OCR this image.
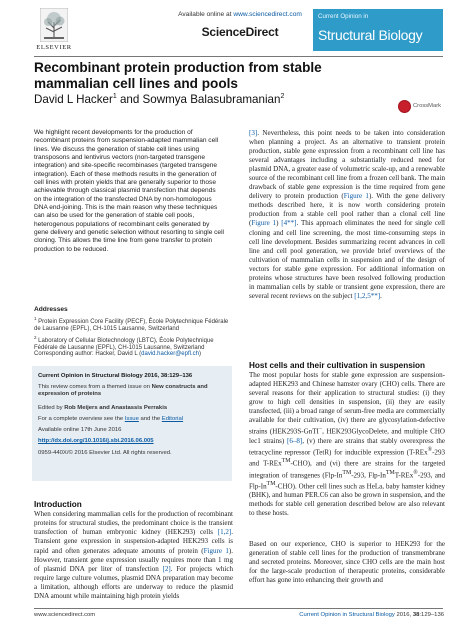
ELSEVIER
Available online at www.sciencedirect.com
ScienceDirect
Current Opinion in
Structural Biology
Recombinant protein production from stable mammalian cell lines and pools
David L Hacker$^1$ and Sowmya Balasubramanian$^2$
CrossMark
We highlight recent developments for the production of recombinant proteins from suspension-adapted mammalian cell lines. We discuss the generation of stable cell lines using transposons and lentivirus vectors (non-targeted transgene integration) and site-specific recombinases (targeted transgene integration). Each of these methods results in the generation of cell lines with protein yields that are generally superior to those achievable through classical plasmid transfection that depends on the integration of the transfected DNA by non-homologous DNA end-joining. This is the main reason why these techniques can also be used for the generation of stable cell pools, heterogenous populations of recombinant cells generated by gene delivery and genetic selection without resorting to single cell cloning. This allows the time line from gene transfer to protein production to be reduced.
Addresses
$^1$ Protein Expression Core Facility (PECF), École Polytechnique Fédérale de Lausanne (EPFL), CH-1015 Lausanne, Switzerland
$^2$ Laboratory of Cellular Biotechnology (LBTC), École Polytechnique Fédérale de Lausanne (EPFL), CH-1015 Lausanne, Switzerland
Corresponding author: Hacker, David L (david.hacker@epfl.ch)
Current Opinion in Structural Biology 2016, 38:129–136
This review comes from a themed issue on New constructs and expression of proteins
Edited by Rob Meijers and Anastassis Perrakis
For a complete overview see the Issue and the Editorial
Available online 17th June 2016
http://dx.doi.org/10.1016/j.sbi.2016.06.005
0959-440X/© 2016 Elsevier Ltd. All rights reserved.
Introduction
When considering mammalian cells for the production of recombinant proteins for structural studies, the predominant choice is the transient transfection of human embryonic kidney (HEK293) cells [1,2]. Transient gene expression in suspension-adapted HEK293 cells is rapid and often generates adequate amounts of protein (Figure 1). However, transient gene expression usually requires more than 1 mg of plasmid DNA per liter of transfection [2]. For projects which require large culture volumes, plasmid DNA preparation may become a limitation, although efforts are underway to reduce the plasmid DNA amount while maintaining high protein yields
[3]. Nevertheless, this point needs to be taken into consideration when planning a project. As an alternative to transient protein production, stable gene expression from a recombinant cell line has several advantages including a substantially reduced need for plasmid DNA, a greater ease of volumetric scale-up, and a renewable source of the recombinant cell line from a frozen cell bank. The main drawback of stable gene expression is the time required from gene delivery to protein production (Figure 1). With the gene delivery methods described here, it is now worth considering protein production from a stable cell pool rather than a clonal cell line (Figure 1) [4**]. This approach eliminates the need for single cell cloning and cell line screening, the most time-consuming steps in cell line development. Besides summarizing recent advances in cell line and cell pool generation, we provide brief overviews of the cultivation of mammalian cells in suspension and of the design of vectors for stable gene expression. For additional information on proteins whose structures have been resolved following production in mammalian cells by stable or transient gene expression, there are several recent reviews on the subject [1,2,5**].
Host cells and their cultivation in suspension
The most popular hosts for stable gene expression are suspension-adapted HEK293 and Chinese hamster ovary (CHO) cells. There are several reasons for their application to structural studies: (i) they grow to high cell densities in suspension, (ii) they are easily transfected, (iii) a broad range of serum-free media are commercially available for their cultivation, (iv) there are glycosylation-defective strains (HEK293S-GnTI−, HEK293GlycoDelete, and multiple CHO lec1 strains) [6–8], (v) there are strains that stably overexpress the tetracycline repressor (TetR) for inducible expression (T-REx®-293 and T-REx™-CHO), and (vi) there are strains for the targeted integration of transgenes (Flp-In™-293, Flp-In™T-REx®-293, and Flp-In™-CHO). Other cell lines such as HeLa, baby hamster kidney (BHK), and human PER.C6 can also be grown in suspension, and the methods for stable cell generation described below are also relevant to these hosts.
Based on our experience, CHO is superior to HEK293 for the generation of stable cell lines for the production of transmembrane and secreted proteins. Moreover, since CHO cells are the main host for the large-scale production of therapeutic proteins, considerable effort has gone into enhancing their growth and
www.sciencedirect.com	Current Opinion in Structural Biology 2016, 38:129–136
